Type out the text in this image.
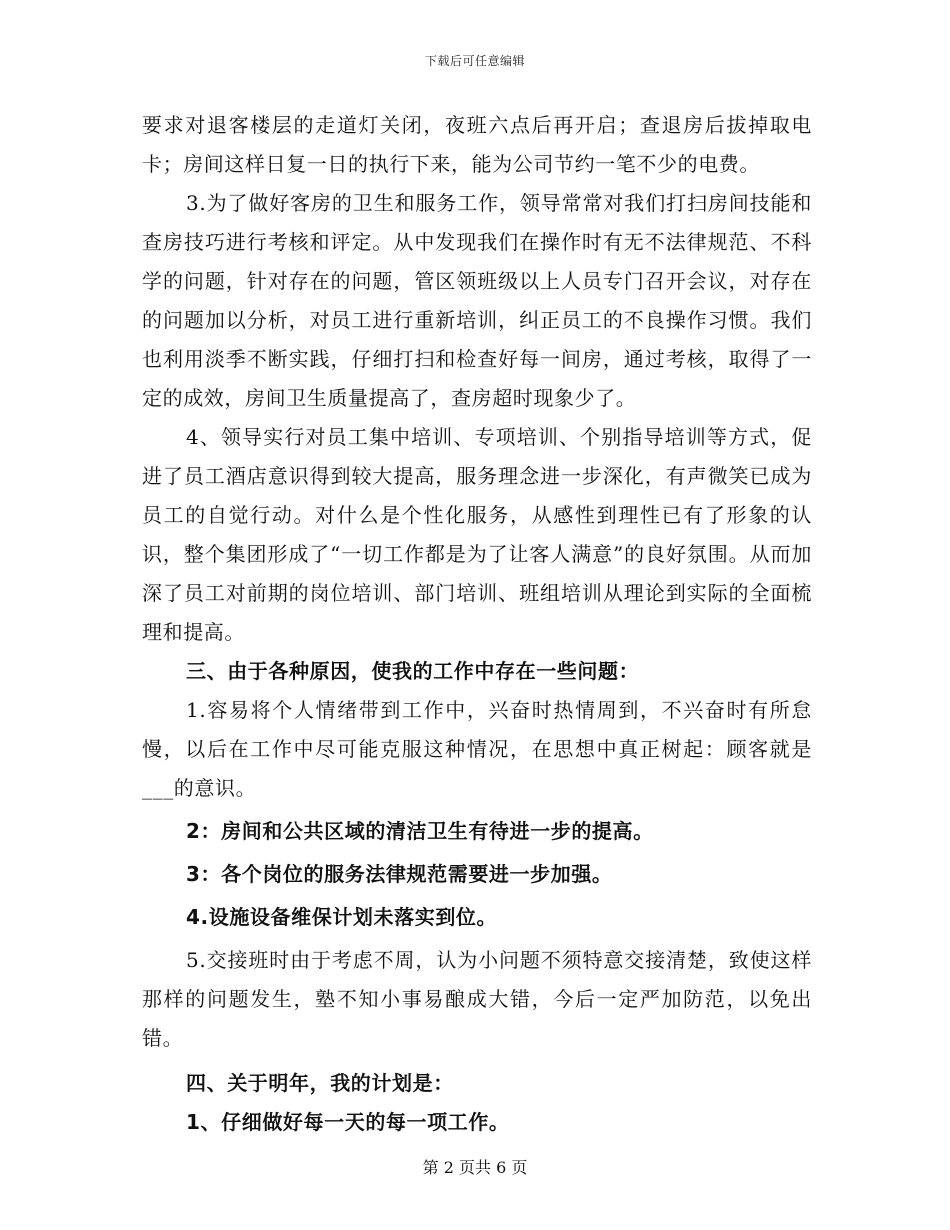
下载后可任意编辑

要求对退客楼层的走道灯关闭，夜班六点后再开启；查退房后拔掉取电卡；房间这样日复一日的执行下来，能为公司节约一笔不少的电费。

3.为了做好客房的卫生和服务工作，领导常常对我们打扫房间技能和查房技巧进行考核和评定。从中发现我们在操作时有无不法律规范、不科学的问题，针对存在的问题，管区领班级以上人员专门召开会议，对存在的问题加以分析，对员工进行重新培训，纠正员工的不良操作习惯。我们也利用淡季不断实践，仔细打扫和检查好每一间房，通过考核，取得了一定的成效，房间卫生质量提高了，查房超时现象少了。

4、领导实行对员工集中培训、专项培训、个别指导培训等方式，促进了员工酒店意识得到较大提高，服务理念进一步深化，有声微笑已成为员工的自觉行动。对什么是个性化服务，从感性到理性已有了形象的认识，整个集团形成了“一切工作都是为了让客人满意”的良好氛围。从而加深了员工对前期的岗位培训、部门培训、班组培训从理论到实际的全面梳理和提高。

三、由于各种原因，使我的工作中存在一些问题：

1.容易将个人情绪带到工作中，兴奋时热情周到，不兴奋时有所怠慢，以后在工作中尽可能克服这种情况，在思想中真正树起：顾客就是___的意识。

2：房间和公共区域的清洁卫生有待进一步的提高。

3：各个岗位的服务法律规范需要进一步加强。

4.设施设备维保计划未落实到位。

5.交接班时由于考虑不周，认为小问题不须特意交接清楚，致使这样那样的问题发生，塾不知小事易酿成大错，今后一定严加防范，以免出错。

四、关于明年，我的计划是：

1、仔细做好每一天的每一项工作。

第 2 页共 6 页
